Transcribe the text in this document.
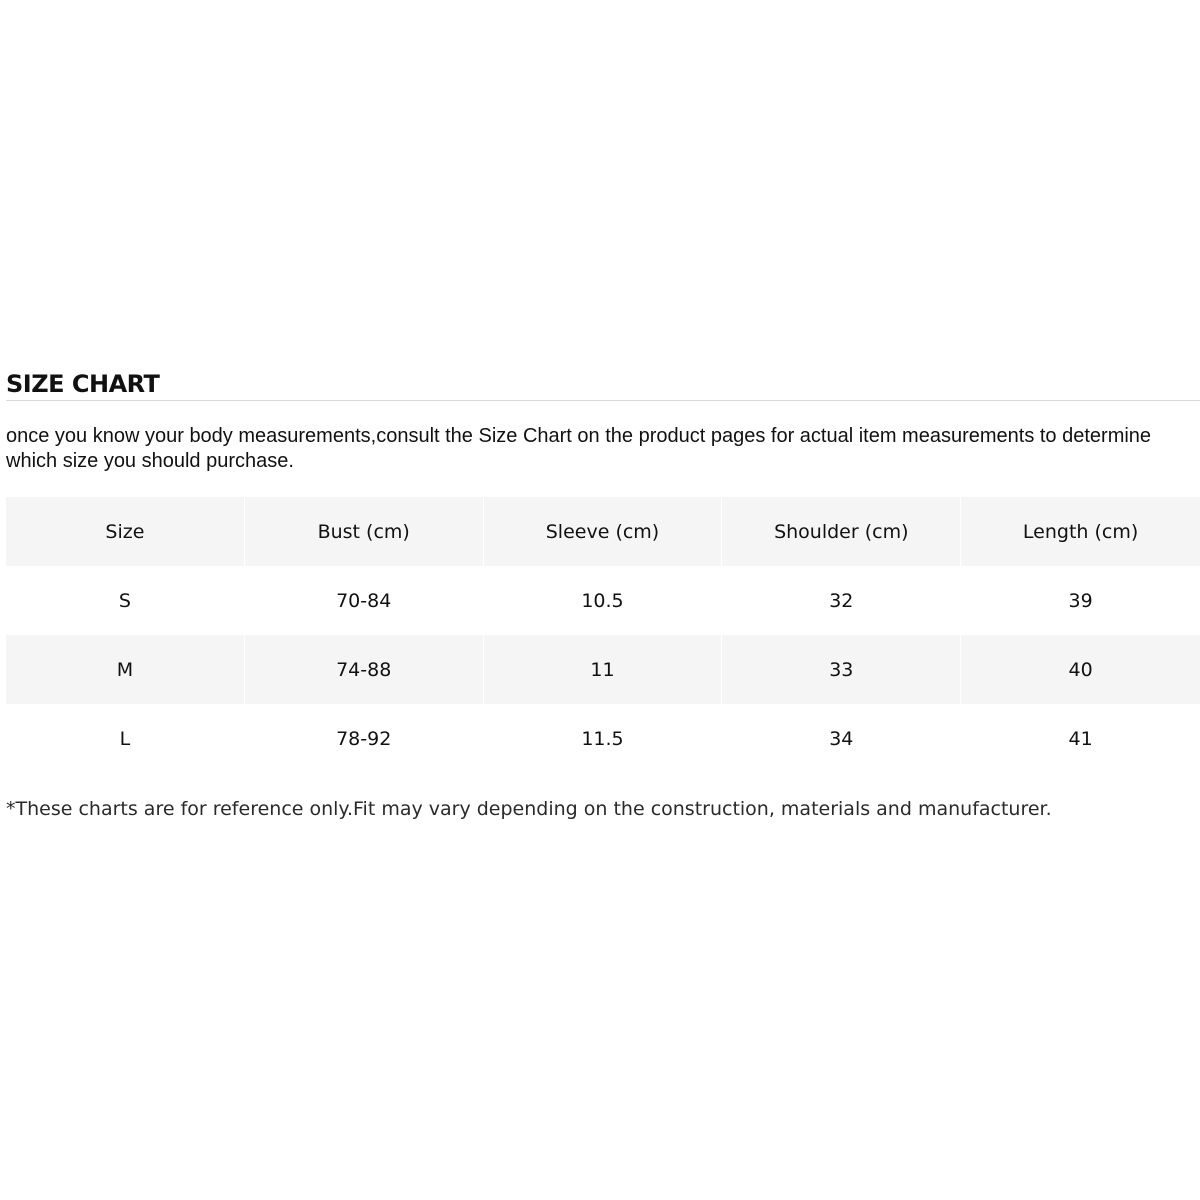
SIZE CHART

once you know your body measurements,consult the Size Chart on the product pages for actual item measurements to determine which size you should purchase.

Size	Bust (cm)	Sleeve (cm)	Shoulder (cm)	Length (cm)
S	70-84	10.5	32	39
M	74-88	11	33	40
L	78-92	11.5	34	41

*These charts are for reference only.Fit may vary depending on the construction, materials and manufacturer.
